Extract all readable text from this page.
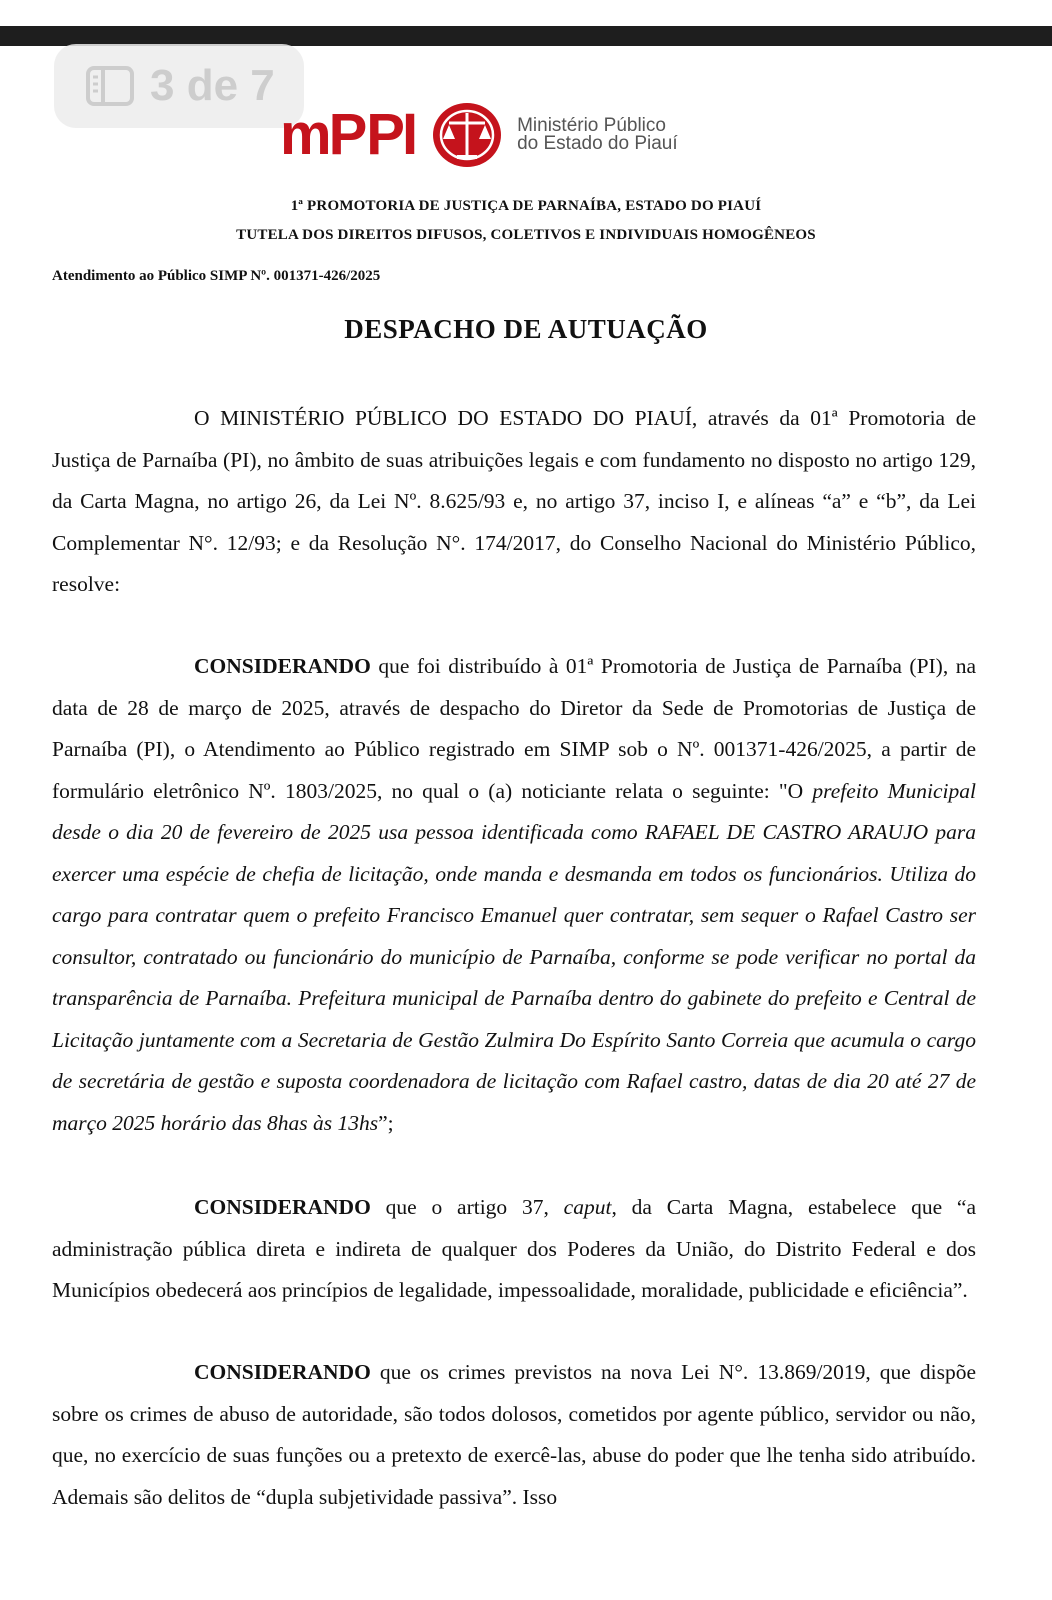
3 de 7
mPPI	Ministério Público
do Estado do Piauí
1ª PROMOTORIA DE JUSTIÇA DE PARNAÍBA, ESTADO DO PIAUÍ
TUTELA DOS DIREITOS DIFUSOS, COLETIVOS E INDIVIDUAIS HOMOGÊNEOS
Atendimento ao Público SIMP Nº. 001371-426/2025
DESPACHO DE AUTUAÇÃO

O MINISTÉRIO PÚBLICO DO ESTADO DO PIAUÍ, através da 01ª Promotoria de Justiça de Parnaíba (PI), no âmbito de suas atribuições legais e com fundamento no disposto no artigo 129, da Carta Magna, no artigo 26, da Lei Nº. 8.625/93 e, no artigo 37, inciso I, e alíneas “a” e “b”, da Lei Complementar N°. 12/93; e da Resolução N°. 174/2017, do Conselho Nacional do Ministério Público, resolve:

CONSIDERANDO que foi distribuído à 01ª Promotoria de Justiça de Parnaíba (PI), na data de 28 de março de 2025, através de despacho do Diretor da Sede de Promotorias de Justiça de Parnaíba (PI), o Atendimento ao Público registrado em SIMP sob o Nº. 001371-426/2025, a partir de formulário eletrônico Nº. 1803/2025, no qual o (a) noticiante relata o seguinte: "O prefeito Municipal desde o dia 20 de fevereiro de 2025 usa pessoa identificada como RAFAEL DE CASTRO ARAUJO para exercer uma espécie de chefia de licitação, onde manda e desmanda em todos os funcionários. Utiliza do cargo para contratar quem o prefeito Francisco Emanuel quer contratar, sem sequer o Rafael Castro ser consultor, contratado ou funcionário do município de Parnaíba, conforme se pode verificar no portal da transparência de Parnaíba. Prefeitura municipal de Parnaíba dentro do gabinete do prefeito e Central de Licitação juntamente com a Secretaria de Gestão Zulmira Do Espírito Santo Correia que acumula o cargo de secretária de gestão e suposta coordenadora de licitação com Rafael castro, datas de dia 20 até 27 de março 2025 horário das 8has às 13hs”;

CONSIDERANDO que o artigo 37, caput, da Carta Magna, estabelece que “a administração pública direta e indireta de qualquer dos Poderes da União, do Distrito Federal e dos Municípios obedecerá aos princípios de legalidade, impessoalidade, moralidade, publicidade e eficiência”.

CONSIDERANDO que os crimes previstos na nova Lei N°. 13.869/2019, que dispõe sobre os crimes de abuso de autoridade, são todos dolosos, cometidos por agente público, servidor ou não, que, no exercício de suas funções ou a pretexto de exercê-las, abuse do poder que lhe tenha sido atribuído. Ademais são delitos de “dupla subjetividade passiva”. Isso
